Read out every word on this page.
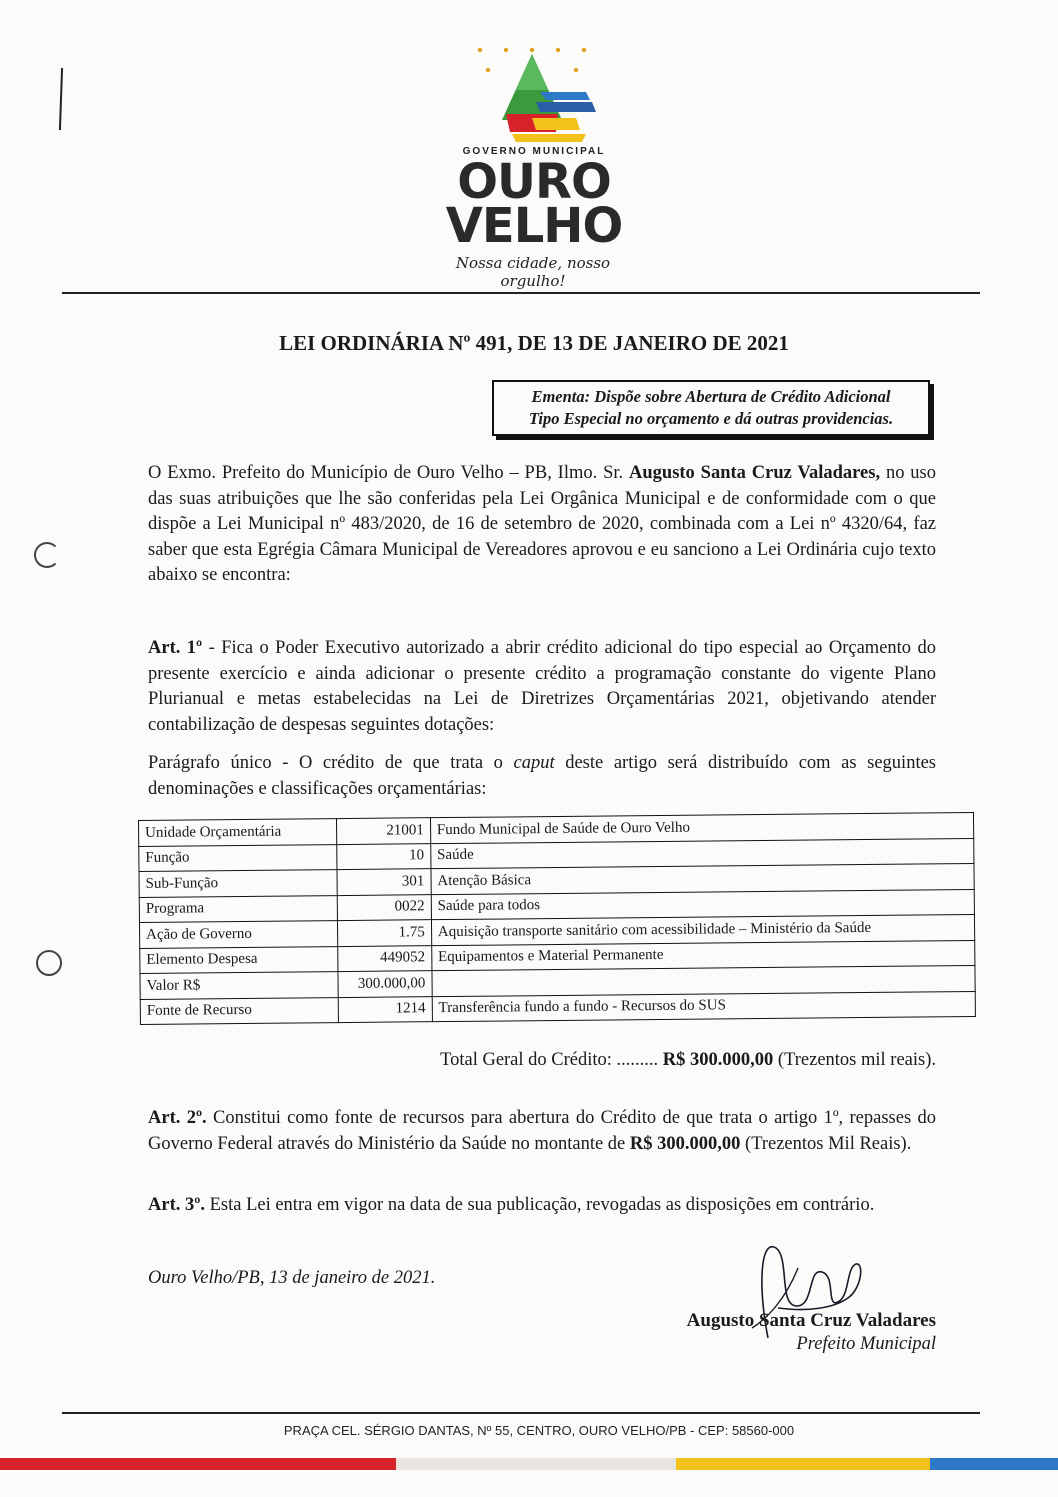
GOVERNO MUNICIPAL
OURO
VELHO
Nossa cidade, nosso orgulho!
LEI ORDINÁRIA Nº 491, DE 13 DE JANEIRO DE 2021
Ementa: Dispõe sobre Abertura de Crédito Adicional
Tipo Especial no orçamento e dá outras providencias.
O Exmo. Prefeito do Município de Ouro Velho – PB, Ilmo. Sr. Augusto Santa Cruz Valadares, no uso das suas atribuições que lhe são conferidas pela Lei Orgânica Municipal e de conformidade com o que dispõe a Lei Municipal nº 483/2020, de 16 de setembro de 2020, combinada com a Lei nº 4320/64, faz saber que esta Egrégia Câmara Municipal de Vereadores aprovou e eu sanciono a Lei Ordinária cujo texto abaixo se encontra:
Art. 1º - Fica o Poder Executivo autorizado a abrir crédito adicional do tipo especial ao Orçamento do presente exercício e ainda adicionar o presente crédito a programação constante do vigente Plano Plurianual e metas estabelecidas na Lei de Diretrizes Orçamentárias 2021, objetivando atender contabilização de despesas seguintes dotações:
Parágrafo único - O crédito de que trata o caput deste artigo será distribuído com as seguintes denominações e classificações orçamentárias:
Unidade Orçamentária	21001	Fundo Municipal de Saúde de Ouro Velho
Função	10	Saúde
Sub-Função	301	Atenção Básica
Programa	0022	Saúde para todos
Ação de Governo	1.75	Aquisição transporte sanitário com acessibilidade – Ministério da Saúde
Elemento Despesa	449052	Equipamentos e Material Permanente
Valor R$	300.000,00	
Fonte de Recurso	1214	Transferência fundo a fundo - Recursos do SUS
Total Geral do Crédito: ......... R$ 300.000,00 (Trezentos mil reais).
Art. 2º. Constitui como fonte de recursos para abertura do Crédito de que trata o artigo 1º, repasses do Governo Federal através do Ministério da Saúde no montante de R$ 300.000,00 (Trezentos Mil Reais).
Art. 3º. Esta Lei entra em vigor na data de sua publicação, revogadas as disposições em contrário.
Ouro Velho/PB, 13 de janeiro de 2021.
Augusto Santa Cruz Valadares
Prefeito Municipal
PRAÇA CEL. SÉRGIO DANTAS, Nº 55, CENTRO, OURO VELHO/PB - CEP: 58560-000
